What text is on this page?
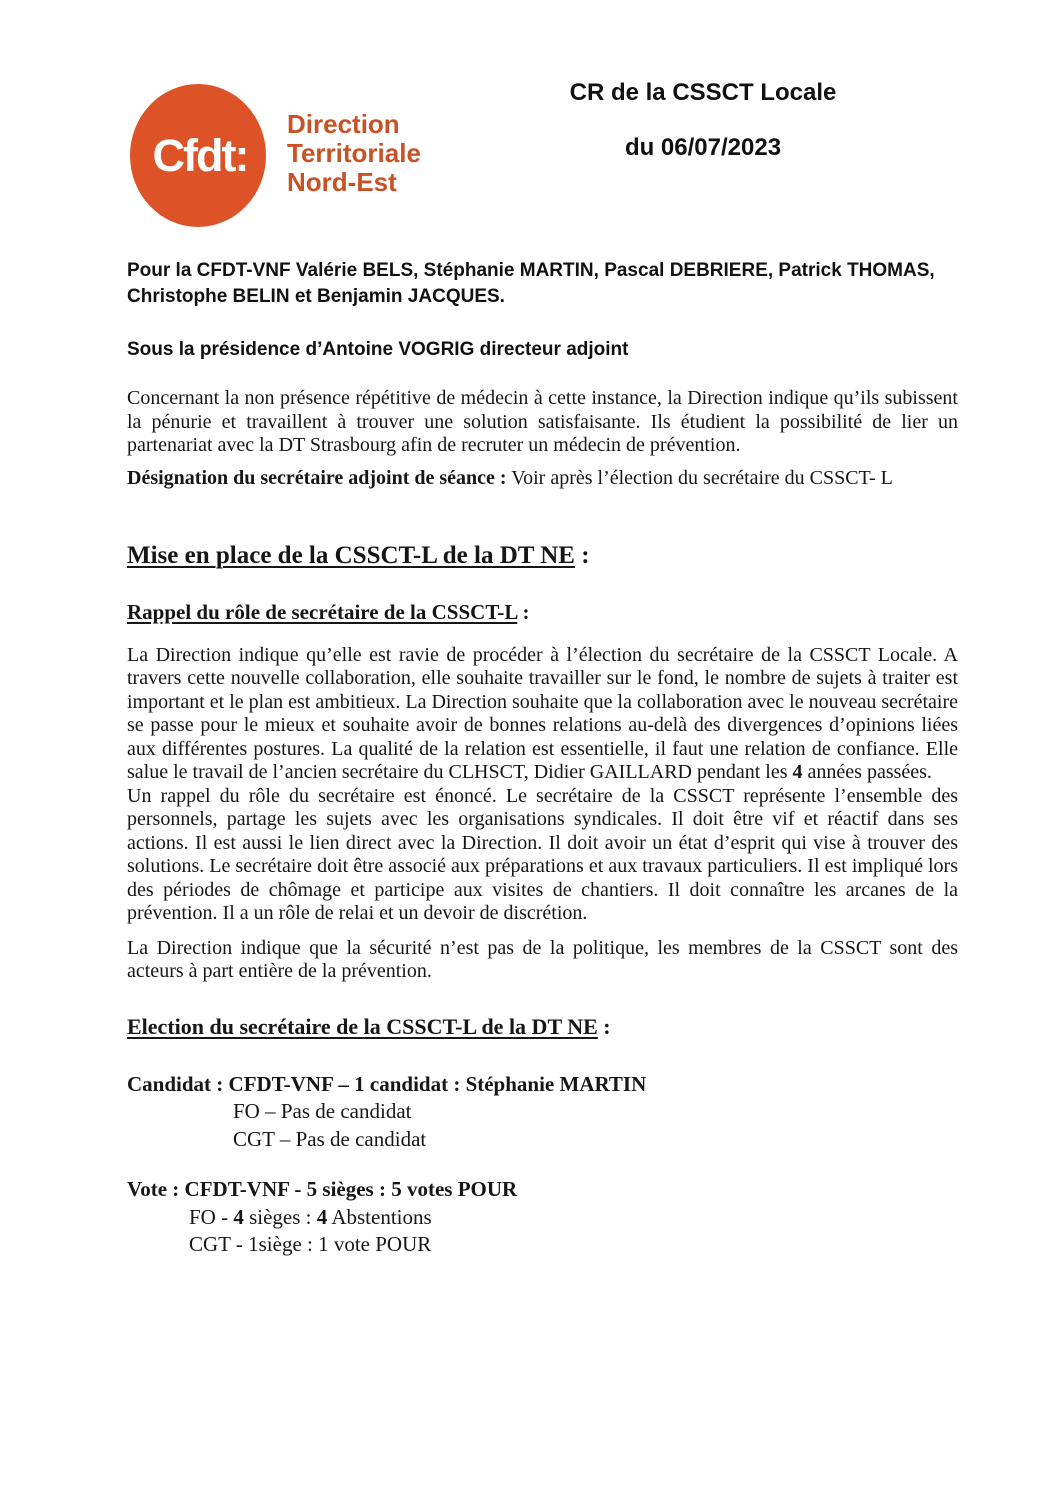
Cfdt:
Direction
Territoriale
Nord-Est
CR de la CSSCT Locale
du 06/07/2023

Pour la CFDT-VNF Valérie BELS, Stéphanie MARTIN, Pascal DEBRIERE, Patrick THOMAS, Christophe BELIN et Benjamin JACQUES.

Sous la présidence d’Antoine VOGRIG directeur adjoint

Concernant la non présence répétitive de médecin à cette instance, la Direction indique qu’ils subissent la pénurie et travaillent à trouver une solution satisfaisante. Ils étudient la possibilité de lier un partenariat avec la DT Strasbourg afin de recruter un médecin de prévention.

Désignation du secrétaire adjoint de séance : Voir après l’élection du secrétaire du CSSCT- L

Mise en place de la CSSCT-L de la DT NE :
Rappel du rôle de secrétaire de la CSSCT-L :

La Direction indique qu’elle est ravie de procéder à l’élection du secrétaire de la CSSCT Locale. A travers cette nouvelle collaboration, elle souhaite travailler sur le fond, le nombre de sujets à traiter est important et le plan est ambitieux. La Direction souhaite que la collaboration avec le nouveau secrétaire se passe pour le mieux et souhaite avoir de bonnes relations au-delà des divergences d’opinions liées aux différentes postures. La qualité de la relation est essentielle, il faut une relation de confiance. Elle salue le travail de l’ancien secrétaire du CLHSCT, Didier GAILLARD pendant les 4 années passées.

Un rappel du rôle du secrétaire est énoncé. Le secrétaire de la CSSCT représente l’ensemble des personnels, partage les sujets avec les organisations syndicales. Il doit être vif et réactif dans ses actions. Il est aussi le lien direct avec la Direction. Il doit avoir un état d’esprit qui vise à trouver des solutions. Le secrétaire doit être associé aux préparations et aux travaux particuliers. Il est impliqué lors des périodes de chômage et participe aux visites de chantiers. Il doit connaître les arcanes de la prévention. Il a un rôle de relai et un devoir de discrétion.

La Direction indique que la sécurité n’est pas de la politique, les membres de la CSSCT sont des acteurs à part entière de la prévention.

Election du secrétaire de la CSSCT-L de la DT NE :
Candidat : CFDT-VNF – 1 candidat : Stéphanie MARTIN
FO – Pas de candidat
CGT – Pas de candidat
Vote : CFDT-VNF - 5 sièges : 5 votes POUR
FO - 4 sièges : 4 Abstentions
CGT - 1siège : 1 vote POUR
